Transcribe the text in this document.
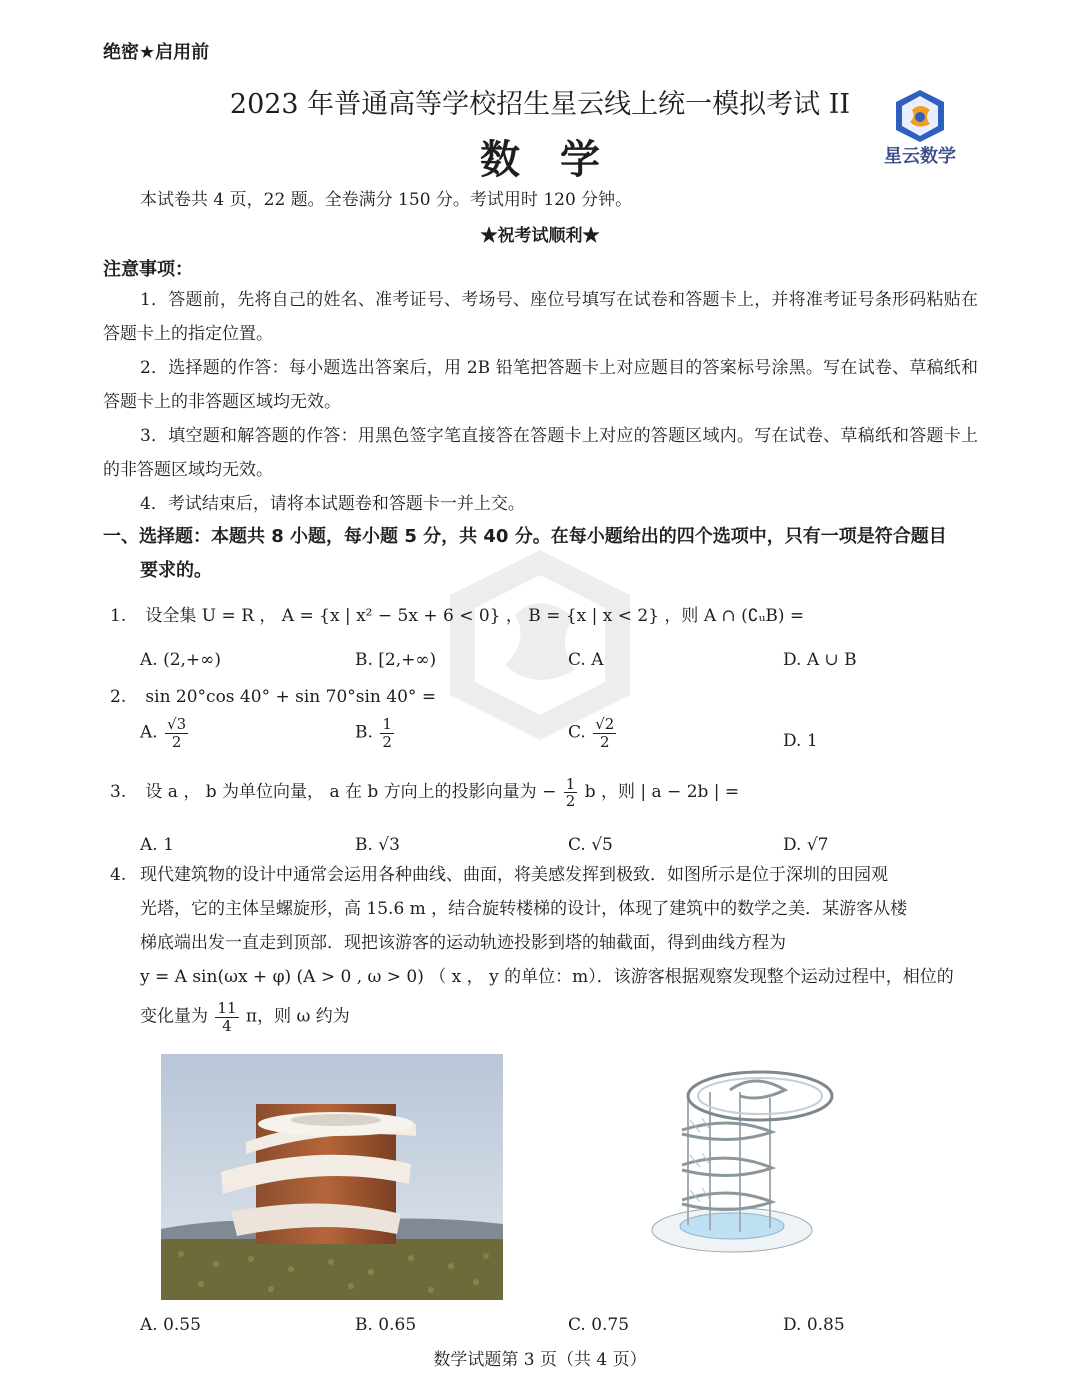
绝密★启用前
2023 年普通高等学校招生星云线上统一模拟考试 II
数学	星云数学
本试卷共 4 页，22 题。全卷满分 150 分。考试用时 120 分钟。
★祝考试顺利★
注意事项：
1．答题前，先将自己的姓名、准考证号、考场号、座位号填写在试卷和答题卡上，并将准考证号条形码粘贴在答题卡上的指定位置。
2．选择题的作答：每小题选出答案后，用 2B 铅笔把答题卡上对应题目的答案标号涂黑。写在试卷、草稿纸和答题卡上的非答题区域均无效。
3．填空题和解答题的作答：用黑色签字笔直接答在答题卡上对应的答题区域内。写在试卷、草稿纸和答题卡上的非答题区域均无效。
4．考试结束后，请将本试题卷和答题卡一并上交。
一、选择题：本题共 8 小题，每小题 5 分，共 40 分。在每小题给出的四个选项中，只有一项是符合题目
要求的。
1. 设全集 U = R ， A = {x | x² − 5x + 6 < 0} ， B = {x | x < 2} ，则 A ∩ (∁ᵤB) =
A. (2,+∞)	B. [2,+∞)	C. A	D. A ∪ B
2. sin 20°cos 40° + sin 70°sin 40° =
A. $\frac{√3}{2}$	B. $\frac{1}{2}$	C. $\frac{√2}{2}$	D. 1
3. 设 a ， b 为单位向量， a 在 b 方向上的投影向量为 − $\frac{1}{2}$ b ，则 | a − 2b | =
A. 1	B. √3	C. √5	D. √7
4. 现代建筑物的设计中通常会运用各种曲线、曲面，将美感发挥到极致．如图所示是位于深圳的田园观
光塔，它的主体呈螺旋形，高 15.6 m ，结合旋转楼梯的设计，体现了建筑中的数学之美．某游客从楼
梯底端出发一直走到顶部．现把该游客的运动轨迹投影到塔的轴截面，得到曲线方程为
y = A sin(ωx + φ) (A > 0 , ω > 0) （ x ， y 的单位：m）．该游客根据观察发现整个运动过程中，相位的
变化量为 $\frac{11}{4}$ π，则 ω 约为
A. 0.55	B. 0.65	C. 0.75	D. 0.85
数学试题第 3 页（共 4 页）
